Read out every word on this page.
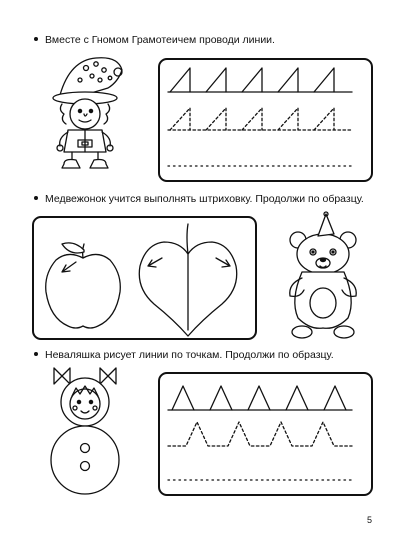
Вместе с Гномом Грамотеичем проводи линии.
Медвежонок учится выполнять штриховку. Продолжи по образцу.
Неваляшка рисует линии по точкам. Продолжи по образцу.
5
